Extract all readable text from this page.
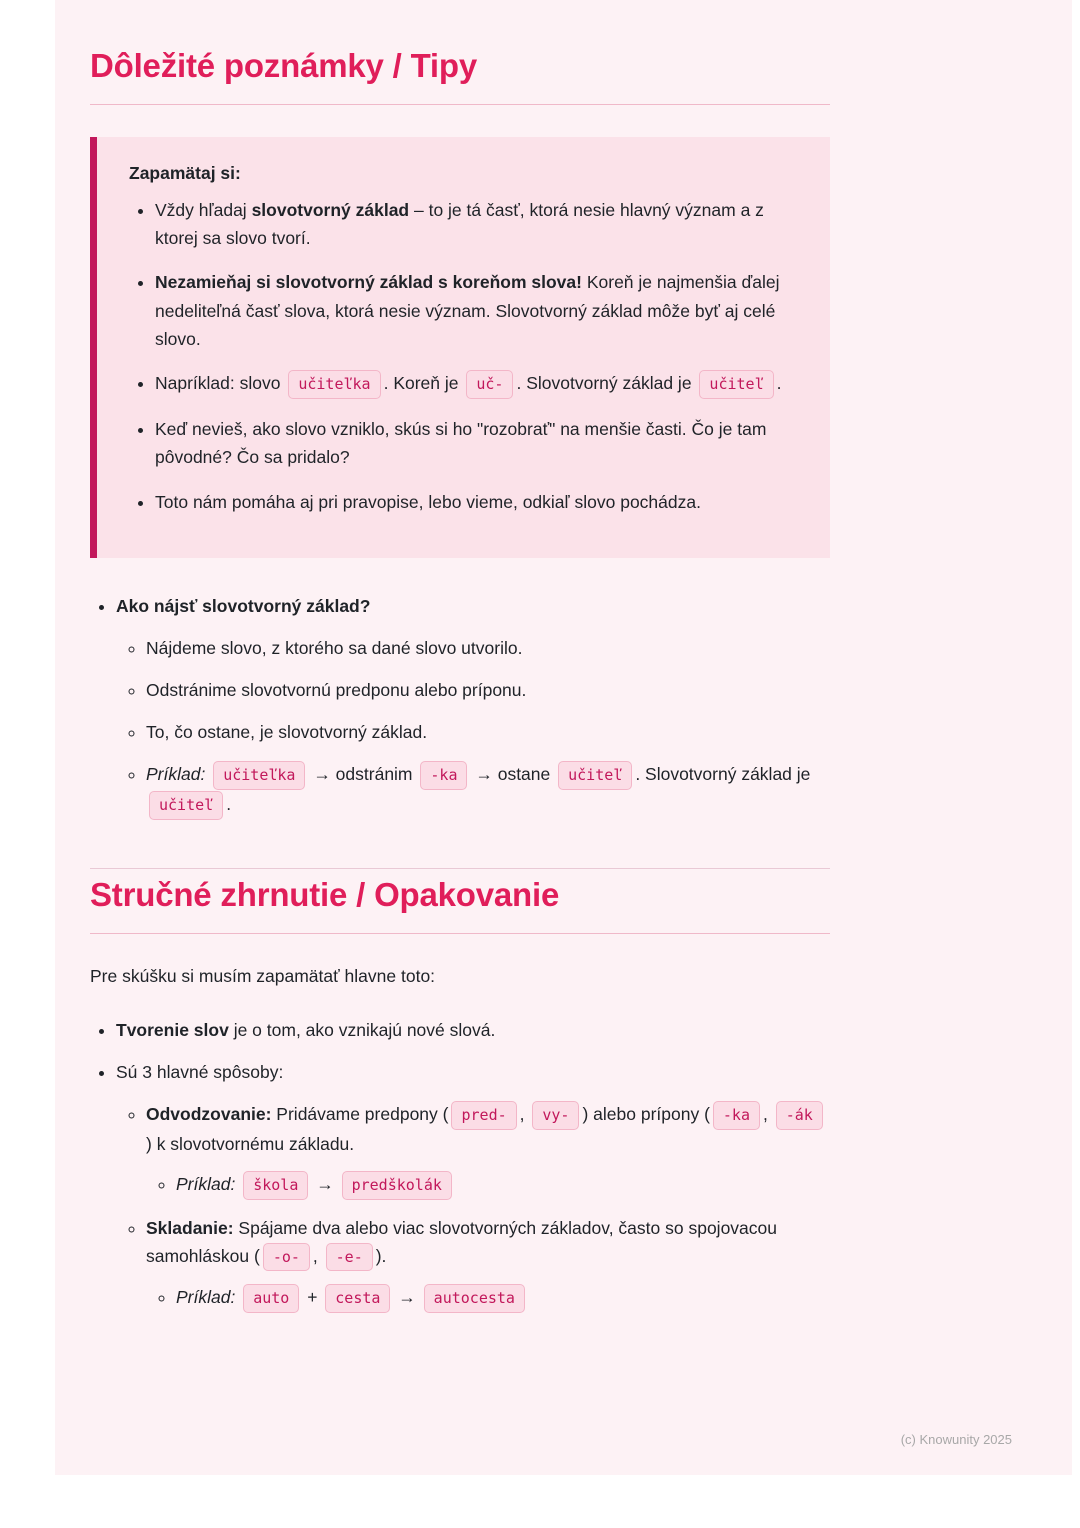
Dôležité poznámky / Tipy
Zapamätaj si:
• Vždy hľadaj slovotvorný základ – to je tá časť, ktorá nesie hlavný význam a z ktorej sa slovo tvorí.
• Nezamieňaj si slovotvorný základ s koreňom slova! Koreň je najmenšia ďalej nedeliteľná časť slova, ktorá nesie význam. Slovotvorný základ môže byť aj celé slovo.
• Napríklad: slovo učiteľka . Koreň je uč- . Slovotvorný základ je učiteľ .
• Keď nevieš, ako slovo vzniklo, skús si ho "rozobrať" na menšie časti. Čo je tam pôvodné? Čo sa pridalo?
• Toto nám pomáha aj pri pravopise, lebo vieme, odkiaľ slovo pochádza.
• Ako nájsť slovotvorný základ?
◦ Nájdeme slovo, z ktorého sa dané slovo utvorilo.
◦ Odstránime slovotvornú predponu alebo príponu.
◦ To, čo ostane, je slovotvorný základ.
◦ Príklad: učiteľka → odstránim -ka → ostane učiteľ . Slovotvorný základ je učiteľ .
Stručné zhrnutie / Opakovanie
Pre skúšku si musím zapamätať hlavne toto:
• Tvorenie slov je o tom, ako vznikajú nové slová.
• Sú 3 hlavné spôsoby:
◦ Odvodzovanie: Pridávame predpony ( pred- , vy- ) alebo prípony ( -ka , -ák) k slovotvornému základu.
◦ Príklad: škola → predškolák
◦ Skladanie: Spájame dva alebo viac slovotvorných základov, často so spojovacou samohláskou ( -o- , -e- ).
◦ Príklad: auto + cesta → autocesta
(c) Knowunity 2025
